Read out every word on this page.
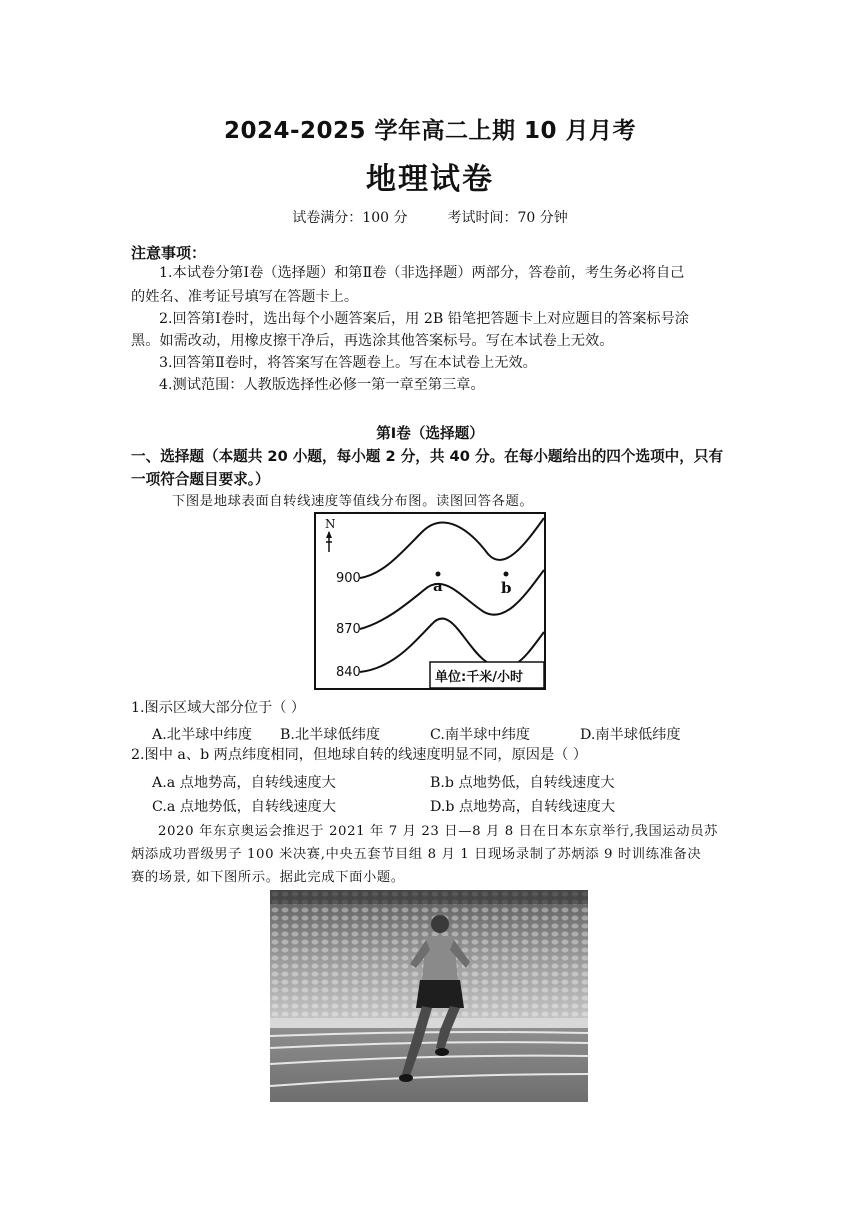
2024-2025 学年高二上期 10 月月考
地理试卷
试卷满分：100 分	考试时间：70 分钟
注意事项：
1.本试卷分第Ⅰ卷（选择题）和第Ⅱ卷（非选择题）两部分，答卷前，考生务必将自己
的姓名、准考证号填写在答题卡上。
2.回答第Ⅰ卷时，选出每个小题答案后，用 2B 铅笔把答题卡上对应题目的答案标号涂
黑。如需改动，用橡皮擦干净后，再选涂其他答案标号。写在本试卷上无效。
3.回答第Ⅱ卷时，将答案写在答题卷上。写在本试卷上无效。
4.测试范围：人教版选择性必修一第一章至第三章。
第Ⅰ卷（选择题）
一、选择题（本题共 20 小题，每小题 2 分，共 40 分。在每小题给出的四个选项中，只有
一项符合题目要求。）
下图是地球表面自转线速度等值线分布图。读图回答各题。
N
900
870
840
a	b
单位:千米/小时
1.图示区域大部分位于（ ）
A.北半球中纬度 B.北半球低纬度	C.南半球中纬度	D.南半球低纬度
2.图中 a、b 两点纬度相同，但地球自转的线速度明显不同，原因是（ ）
A.a 点地势高，自转线速度大	B.b 点地势低，自转线速度大
C.a 点地势低，自转线速度大	D.b 点地势高，自转线速度大
2020 年东京奥运会推迟于 2021 年 7 月 23 日—8 月 8 日在日本东京举行,我国运动员苏
炳添成功晋级男子 100 米决赛,中央五套节目组 8 月 1 日现场录制了苏炳添 9 时训练准备决
赛的场景, 如下图所示。据此完成下面小题。
